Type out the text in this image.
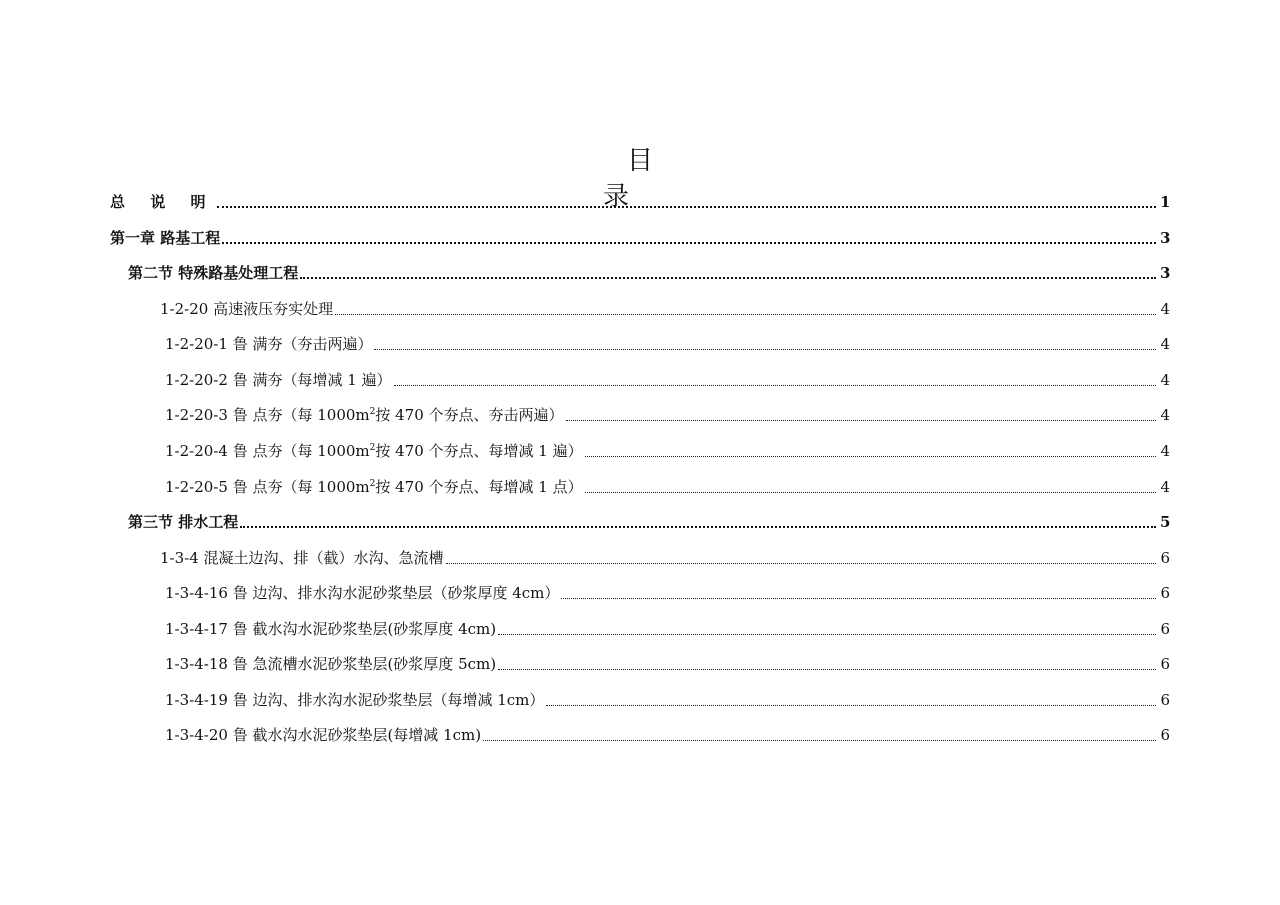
目 录
总 说 明	1
第一章 路基工程	3
第二节 特殊路基处理工程	3
1-2-20 高速液压夯实处理	4
1-2-20-1 鲁 满夯（夯击两遍）	4
1-2-20-2 鲁 满夯（每增减 1 遍）	4
1-2-20-3 鲁 点夯（每 $1000m^2$按 470 个夯点、夯击两遍）	4
1-2-20-4 鲁 点夯（每 $1000m^2$按 470 个夯点、每增减 1 遍）	4
1-2-20-5 鲁 点夯（每 $1000m^2$按 470 个夯点、每增减 1 点）	4
第三节 排水工程	5
1-3-4 混凝土边沟、排（截）水沟、急流槽	6
1-3-4-16 鲁 边沟、排水沟水泥砂浆垫层（砂浆厚度 4cm）	6
1-3-4-17 鲁 截水沟水泥砂浆垫层(砂浆厚度 4cm)	6
1-3-4-18 鲁 急流槽水泥砂浆垫层(砂浆厚度 5cm)	6
1-3-4-19 鲁 边沟、排水沟水泥砂浆垫层（每增减 1cm）	6
1-3-4-20 鲁 截水沟水泥砂浆垫层(每增减 1cm)	6
